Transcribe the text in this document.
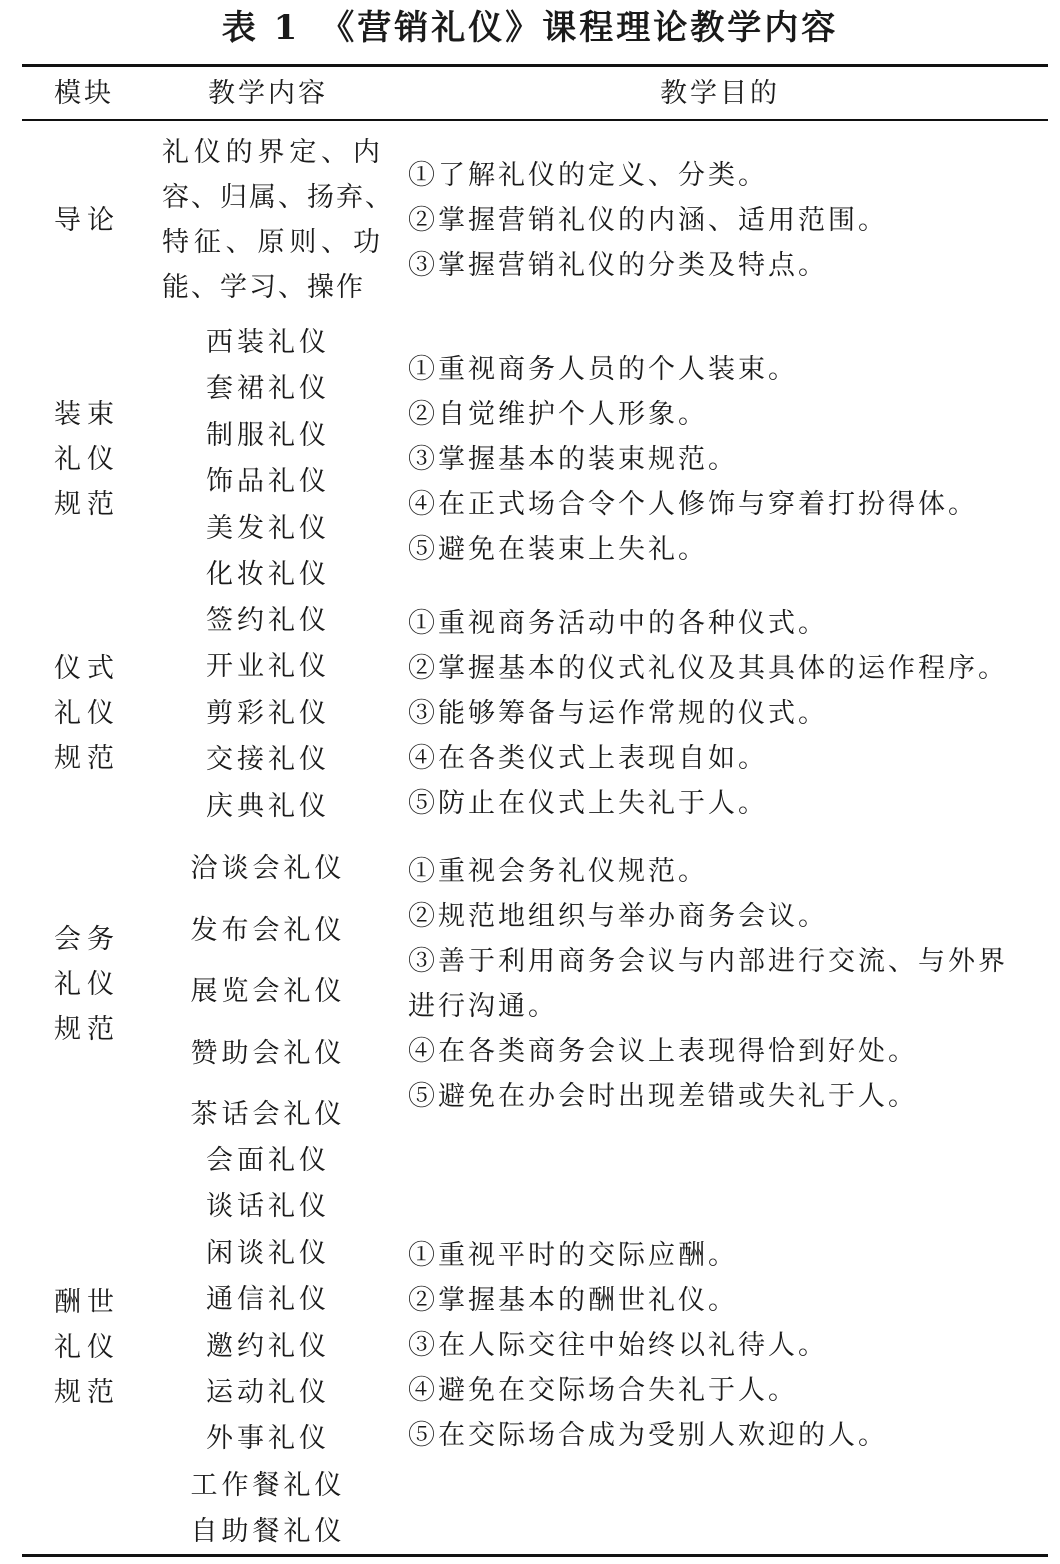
表 1　《营销礼仪》课程理论教学内容
模块	教学内容	教学目的
导论
礼仪的界定、内
容、归属、扬弃、
特征、原则、功
能、学习、操作
①了解礼仪的定义、分类。
②掌握营销礼仪的内涵、适用范围。
③掌握营销礼仪的分类及特点。
装束
礼仪
规范
西装礼仪
套裙礼仪
制服礼仪
饰品礼仪
美发礼仪
化妆礼仪
①重视商务人员的个人装束。
②自觉维护个人形象。
③掌握基本的装束规范。
④在正式场合令个人修饰与穿着打扮得体。
⑤避免在装束上失礼。
仪式
礼仪
规范
签约礼仪
开业礼仪
剪彩礼仪
交接礼仪
庆典礼仪
①重视商务活动中的各种仪式。
②掌握基本的仪式礼仪及其具体的运作程序。
③能够筹备与运作常规的仪式。
④在各类仪式上表现自如。
⑤防止在仪式上失礼于人。
会务
礼仪
规范
洽谈会礼仪
发布会礼仪
展览会礼仪
赞助会礼仪
茶话会礼仪
①重视会务礼仪规范。
②规范地组织与举办商务会议。
③善于利用商务会议与内部进行交流、与外界
进行沟通。
④在各类商务会议上表现得恰到好处。
⑤避免在办会时出现差错或失礼于人。
酬世
礼仪
规范
会面礼仪
谈话礼仪
闲谈礼仪
通信礼仪
邀约礼仪
运动礼仪
外事礼仪
工作餐礼仪
自助餐礼仪
①重视平时的交际应酬。
②掌握基本的酬世礼仪。
③在人际交往中始终以礼待人。
④避免在交际场合失礼于人。
⑤在交际场合成为受别人欢迎的人。
